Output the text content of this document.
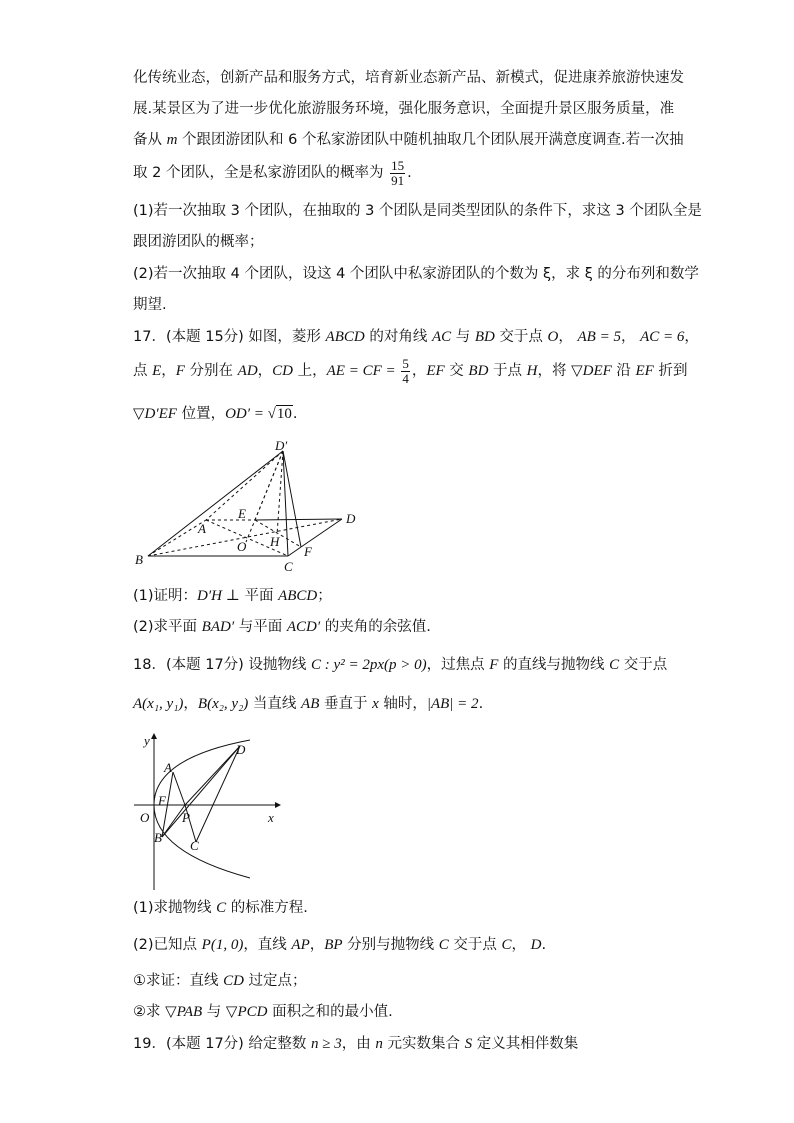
化传统业态，创新产品和服务方式，培育新业态新产品、新模式，促进康养旅游快速发
展.某景区为了进一步优化旅游服务环境，强化服务意识，全面提升景区服务质量，准
备从 m 个跟团游团队和 6 个私家游团队中随机抽取几个团队展开满意度调查.若一次抽
取 2 个团队，全是私家游团队的概率为 $\frac{15}{91}$ .
(1)若一次抽取 3 个团队，在抽取的 3 个团队是同类型团队的条件下，求这 3 个团队全是
跟团游团队的概率；
(2)若一次抽取 4 个团队，设这 4 个团队中私家游团队的个数为 ξ，求 ξ 的分布列和数学
期望.
17．(本题 15分) 如图，菱形 ABCD 的对角线 AC 与 BD 交于点 O， AB = 5， AC = 6，
点 E，F 分别在 AD，CD 上，AE = CF = $\frac{5}{4}$ ，EF 交 BD 于点 H，将 ▽DEF 沿 EF 折到
▽D′EF 位置，OD′ = √10.
D′
E
A
D
O H
B	C
F
(1)证明：D′H ⊥ 平面 ABCD；
(2)求平面 BAD′ 与平面 ACD′ 的夹角的余弦值.
18．(本题 17分) 设抛物线 C : y² = 2px(p > 0)，过焦点 F 的直线与抛物线 C 交于点
A(x₁, y₁)，B(x₂, y₂) 当直线 AB 垂直于 x 轴时，|AB| = 2.
y
x
A
D
F
O	P
B
C
(1)求抛物线 C 的标准方程.
(2)已知点 P(1, 0)，直线 AP，BP 分别与抛物线 C 交于点 C， D.
①求证：直线 CD 过定点；
②求 ▽PAB 与 ▽PCD 面积之和的最小值.
19．(本题 17分) 给定整数 n ≥ 3，由 n 元实数集合 S 定义其相伴数集
